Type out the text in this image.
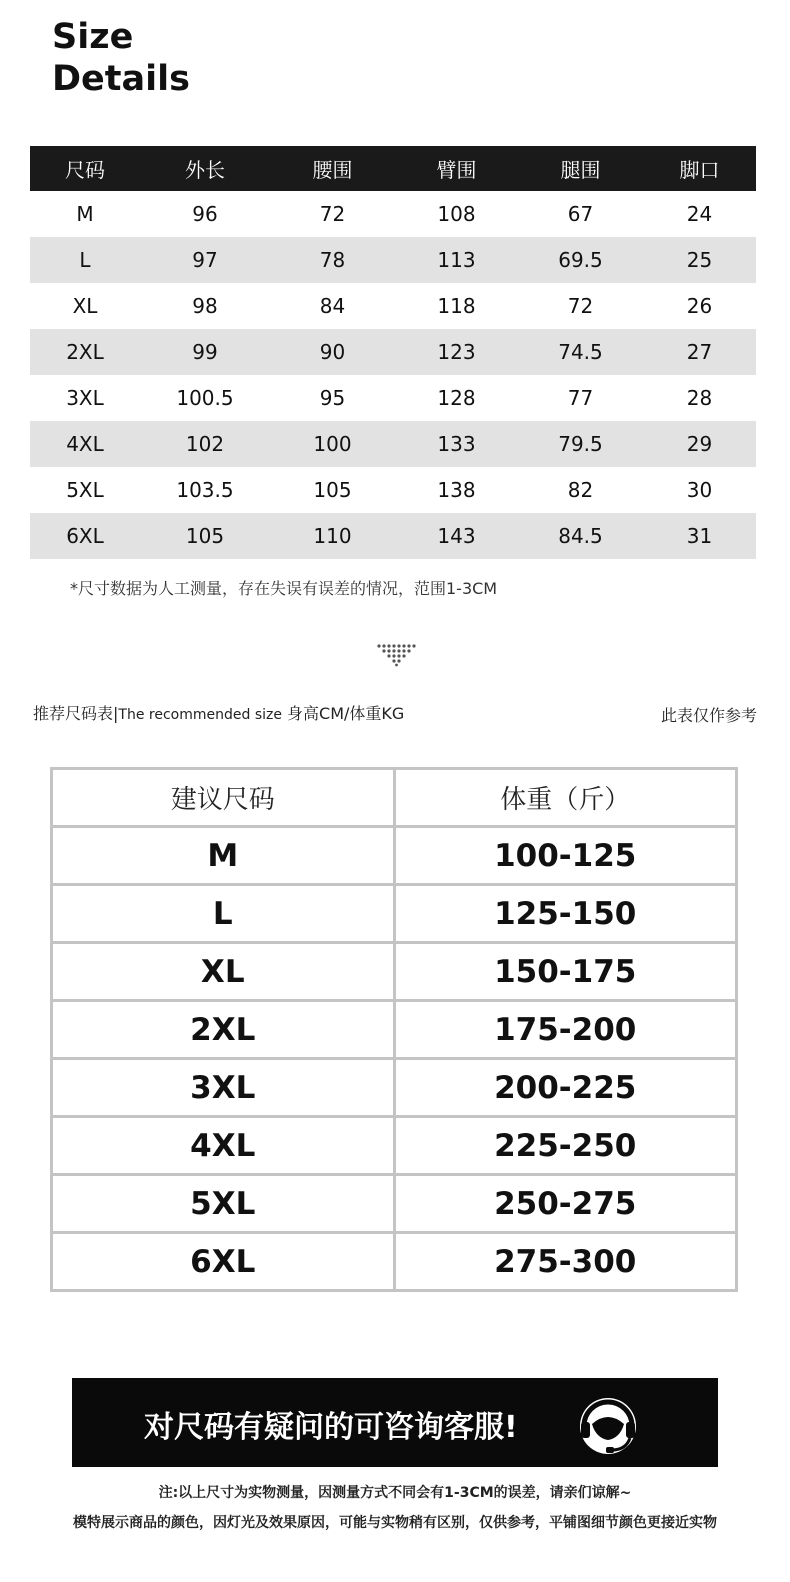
Size
Details
尺码	外长	腰围	臂围	腿围	脚口
M	96	72	108	67	24
L	97	78	113	69.5	25
XL	98	84	118	72	26
2XL	99	90	123	74.5	27
3XL	100.5	95	128	77	28
4XL	102	100	133	79.5	29
5XL	103.5	105	138	82	30
6XL	105	110	143	84.5	31
*尺寸数据为人工测量，存在失误有误差的情况，范围1-3CM
推荐尺码表|The recommended size 身高CM/体重KG	此表仅作参考
建议尺码	体重（斤）
M	100-125
L	125-150
XL	150-175
2XL	175-200
3XL	200-225
4XL	225-250
5XL	250-275
6XL	275-300
对尺码有疑问的可咨询客服!
注:以上尺寸为实物测量，因测量方式不同会有1-3CM的误差，请亲们谅解~
模特展示商品的颜色，因灯光及效果原因，可能与实物稍有区别，仅供参考，平铺图细节颜色更接近实物
